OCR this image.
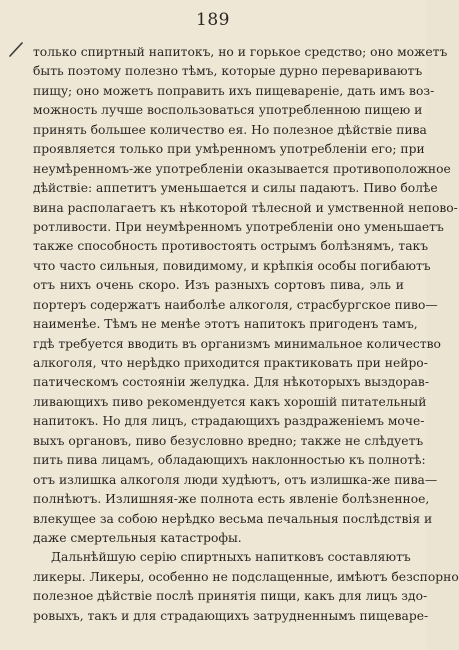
189
только спиртный напитокъ, но и горькое средство; оно можетъ
быть поэтому полезно тѣмъ, которые дурно перевариваютъ
пищу; оно можетъ поправить ихъ пищевареніе, дать имъ воз-
можность лучше воспользоваться употребленною пищею и
принять большее количество ея. Но полезное дѣйствіе пива
проявляется только при умѣренномъ употребленіи его; при
неумѣренномъ-же употребленіи оказывается противоположное
дѣйствіе: аппетитъ уменьшается и силы падаютъ. Пиво болѣе
вина располагаетъ къ нѣкоторой тѣлесной и умственной непово-
ротливости. При неумѣренномъ употребленіи оно уменьшаетъ
также способность противостоять острымъ болѣзнямъ, такъ
что часто сильныя, повидимому, и крѣпкія особы погибаютъ
отъ нихъ очень скоро. Изъ разныхъ сортовъ пива, эль и
портеръ содержатъ наиболѣе алкоголя, страсбургское пиво—
наименѣе. Тѣмъ не менѣе этотъ напитокъ пригоденъ тамъ,
гдѣ требуется вводить въ организмъ минимальное количество
алкоголя, что нерѣдко приходится практиковать при нейро-
патическомъ состояніи желудка. Для нѣкоторыхъ выздорав-
ливающихъ пиво рекомендуется какъ хорошій питательный
напитокъ. Но для лицъ, страдающихъ раздраженіемъ моче-
выхъ органовъ, пиво безусловно вредно; также не слѣдуетъ
пить пива лицамъ, обладающихъ наклонностью къ полнотѣ:
отъ излишка алкоголя люди худѣютъ, отъ излишка-же пива—
полнѣютъ. Излишняя-же полнота есть явленіе болѣзненное,
влекущее за собою нерѣдко весьма печальныя послѣдствія и
даже смертельныя катастрофы.
Дальнѣйшую серію спиртныхъ напитковъ составляютъ
ликеры. Ликеры, особенно не подслащенные, имѣютъ безспорно
полезное дѣйствіе послѣ принятія пищи, какъ для лицъ здо-
ровыхъ, такъ и для страдающихъ затрудненнымъ пищеваре-
